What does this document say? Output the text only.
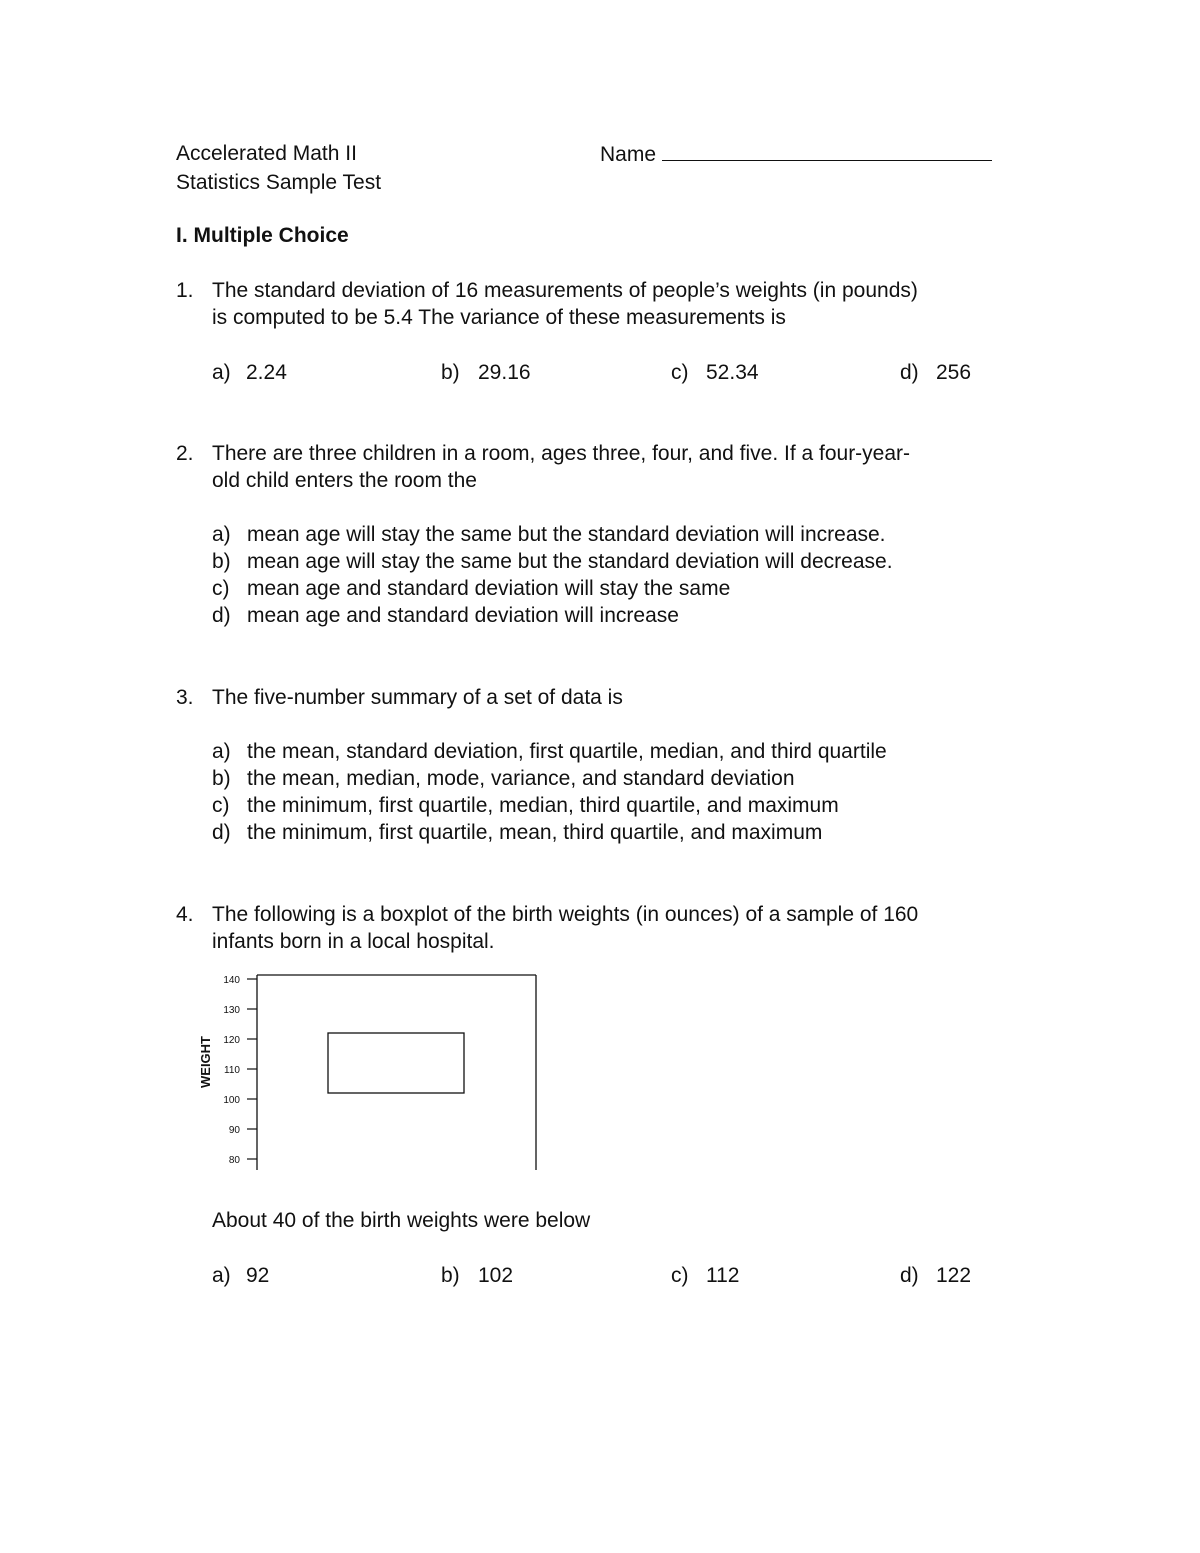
Accelerated Math II	Name
Statistics Sample Test
I. Multiple Choice
1. The standard deviation of 16 measurements of people’s weights (in pounds)
is computed to be 5.4 The variance of these measurements is
a) 2.24	b) 29.16	c) 52.34	d) 256
2. There are three children in a room, ages three, four, and five. If a four-year-
old child enters the room the
a) mean age will stay the same but the standard deviation will increase.
b) mean age will stay the same but the standard deviation will decrease.
c) mean age and standard deviation will stay the same
d) mean age and standard deviation will increase
3. The five-number summary of a set of data is
a) the mean, standard deviation, first quartile, median, and third quartile
b) the mean, median, mode, variance, and standard deviation
c) the minimum, first quartile, median, third quartile, and maximum
d) the minimum, first quartile, mean, third quartile, and maximum
4. The following is a boxplot of the birth weights (in ounces) of a sample of 160
infants born in a local hospital.
80
90
100
110
120
130
140
WEIGHT
About 40 of the birth weights were below
a) 92	b) 102	c) 112	d) 122
